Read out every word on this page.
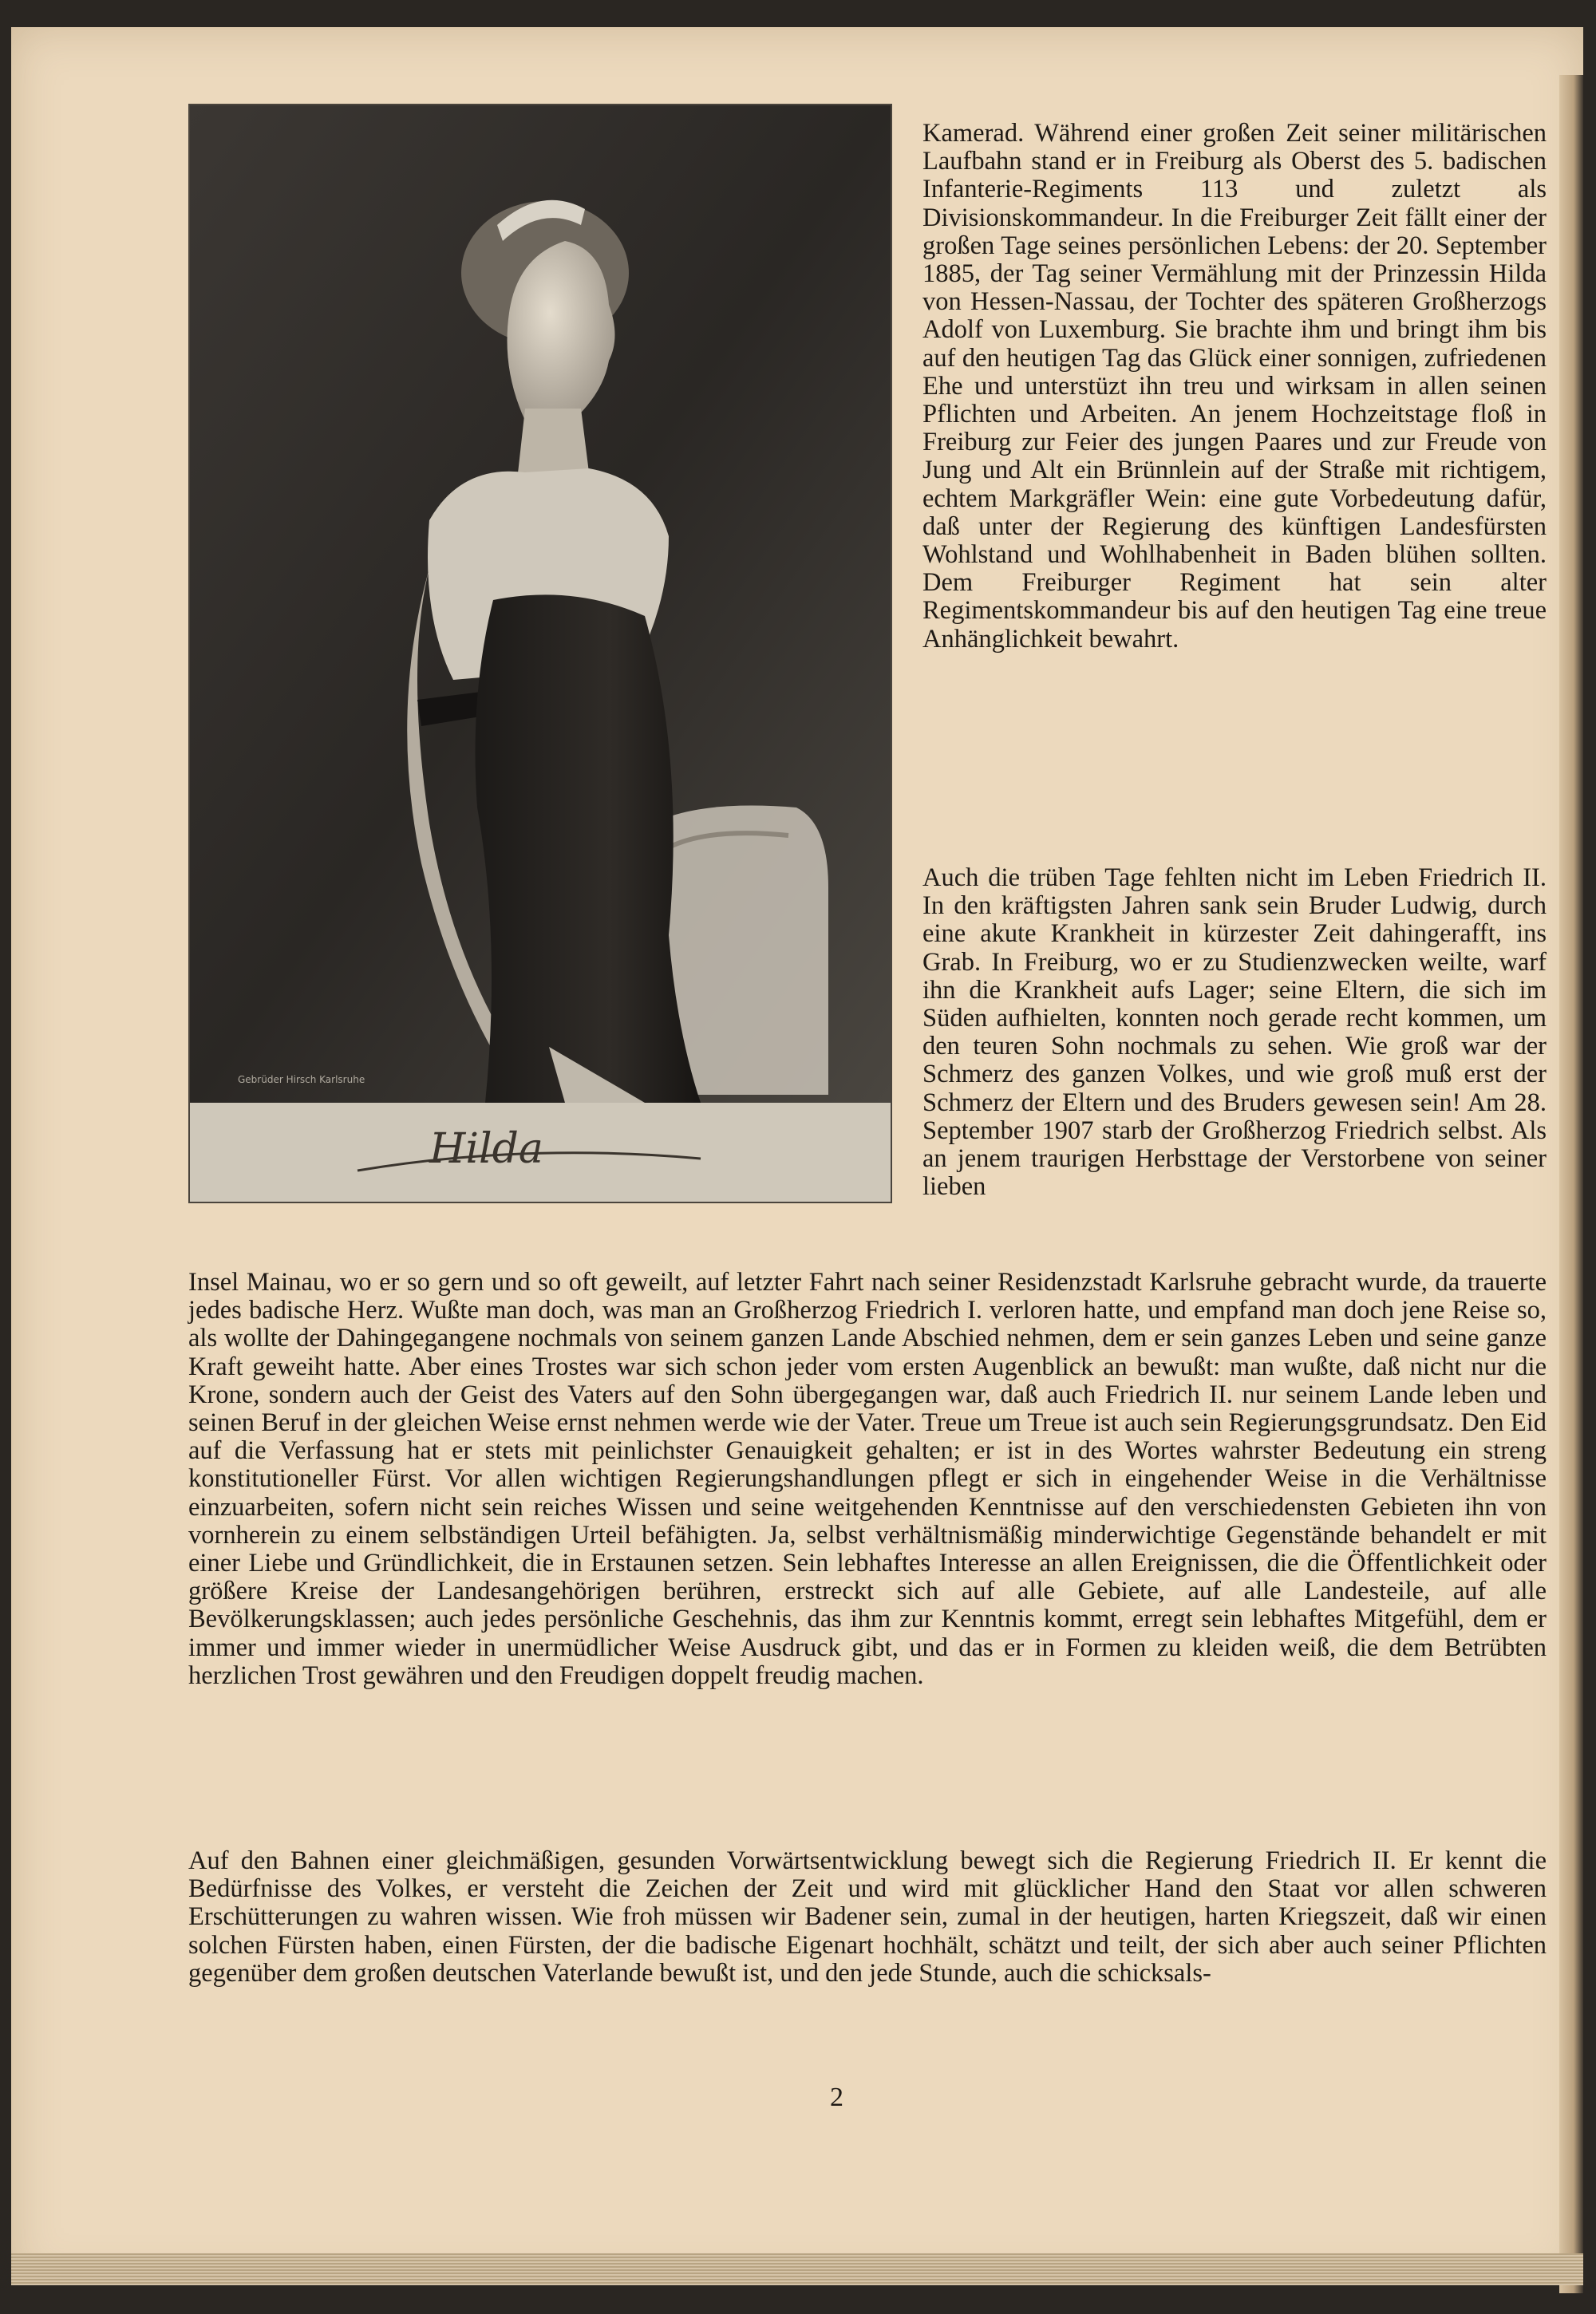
Gebrüder Hirsch Karlsruhe
Hilda

Kamerad. Während einer großen Zeit seiner militärischen Laufbahn stand er in Freiburg als Oberst des 5. badischen Infanterie-Regiments 113 und zuletzt als Divisionskommandeur. In die Freiburger Zeit fällt einer der großen Tage seines persönlichen Lebens: der 20. September 1885, der Tag seiner Vermählung mit der Prinzessin Hilda von Hessen-Nassau, der Tochter des späteren Großherzogs Adolf von Luxemburg. Sie brachte ihm und bringt ihm bis auf den heutigen Tag das Glück einer sonnigen, zufriedenen Ehe und unterstüzt ihn treu und wirksam in allen seinen Pflichten und Arbeiten. An jenem Hochzeitstage floß in Freiburg zur Feier des jungen Paares und zur Freude von Jung und Alt ein Brünnlein auf der Straße mit richtigem, echtem Markgräfler Wein: eine gute Vorbedeutung dafür, daß unter der Regierung des künftigen Landesfürsten Wohlstand und Wohlhabenheit in Baden blühen sollten. Dem Freiburger Regiment hat sein alter Regimentskommandeur bis auf den heutigen Tag eine treue Anhänglichkeit bewahrt.

Auch die trüben Tage fehlten nicht im Leben Friedrich II. In den kräftigsten Jahren sank sein Bruder Ludwig, durch eine akute Krankheit in kürzester Zeit dahingerafft, ins Grab. In Freiburg, wo er zu Studienzwecken weilte, warf ihn die Krankheit aufs Lager; seine Eltern, die sich im Süden aufhielten, konnten noch gerade recht kommen, um den teuren Sohn nochmals zu sehen. Wie groß war der Schmerz des ganzen Volkes, und wie groß muß erst der Schmerz der Eltern und des Bruders gewesen sein! Am 28. September 1907 starb der Großherzog Friedrich selbst. Als an jenem traurigen Herbsttage der Verstorbene von seiner lieben

Insel Mainau, wo er so gern und so oft geweilt, auf letzter Fahrt nach seiner Residenzstadt Karlsruhe gebracht wurde, da trauerte jedes badische Herz. Wußte man doch, was man an Großherzog Friedrich I. verloren hatte, und empfand man doch jene Reise so, als wollte der Dahingegangene nochmals von seinem ganzen Lande Abschied nehmen, dem er sein ganzes Leben und seine ganze Kraft geweiht hatte. Aber eines Trostes war sich schon jeder vom ersten Augenblick an bewußt: man wußte, daß nicht nur die Krone, sondern auch der Geist des Vaters auf den Sohn übergegangen war, daß auch Friedrich II. nur seinem Lande leben und seinen Beruf in der gleichen Weise ernst nehmen werde wie der Vater. Treue um Treue ist auch sein Regierungsgrundsatz. Den Eid auf die Verfassung hat er stets mit peinlichster Genauigkeit gehalten; er ist in des Wortes wahrster Bedeutung ein streng konstitutioneller Fürst. Vor allen wichtigen Regierungshandlungen pflegt er sich in eingehender Weise in die Verhältnisse einzuarbeiten, sofern nicht sein reiches Wissen und seine weitgehenden Kenntnisse auf den verschiedensten Gebieten ihn von vornherein zu einem selbständigen Urteil befähigten. Ja, selbst verhältnismäßig minderwichtige Gegenstände behandelt er mit einer Liebe und Gründlichkeit, die in Erstaunen setzen. Sein lebhaftes Interesse an allen Ereignissen, die die Öffentlichkeit oder größere Kreise der Landesangehörigen berühren, erstreckt sich auf alle Gebiete, auf alle Landesteile, auf alle Bevölkerungsklassen; auch jedes persönliche Geschehnis, das ihm zur Kenntnis kommt, erregt sein lebhaftes Mitgefühl, dem er immer und immer wieder in unermüdlicher Weise Ausdruck gibt, und das er in Formen zu kleiden weiß, die dem Betrübten herzlichen Trost gewähren und den Freudigen doppelt freudig machen.

Auf den Bahnen einer gleichmäßigen, gesunden Vorwärtsentwicklung bewegt sich die Regierung Friedrich II. Er kennt die Bedürfnisse des Volkes, er versteht die Zeichen der Zeit und wird mit glücklicher Hand den Staat vor allen schweren Erschütterungen zu wahren wissen. Wie froh müssen wir Badener sein, zumal in der heutigen, harten Kriegszeit, daß wir einen solchen Fürsten haben, einen Fürsten, der die badische Eigenart hochhält, schätzt und teilt, der sich aber auch seiner Pflichten gegenüber dem großen deutschen Vaterlande bewußt ist, und den jede Stunde, auch die schicksals-

2
